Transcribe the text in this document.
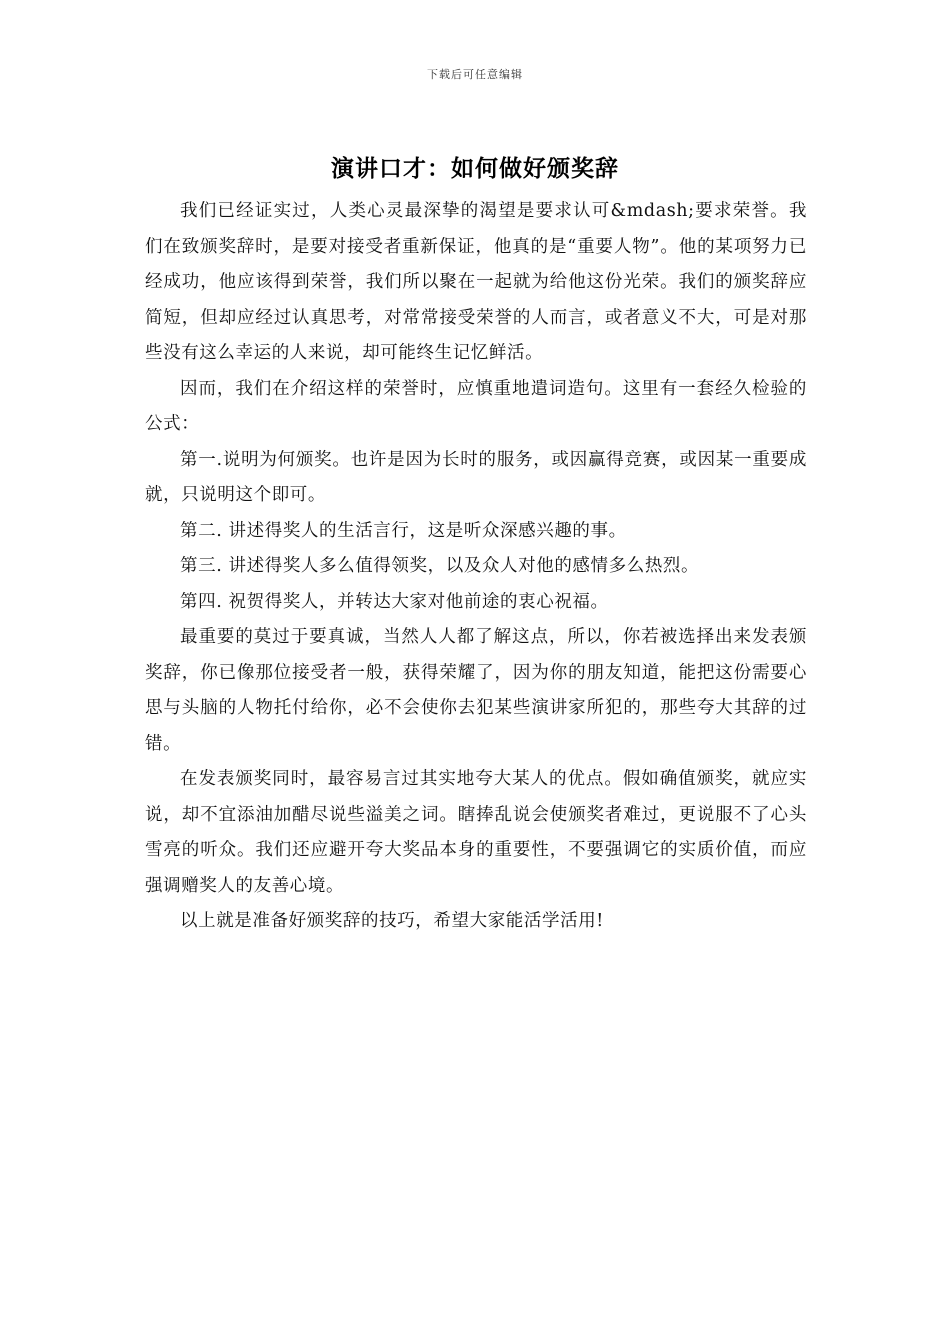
下载后可任意编辑
演讲口才：如何做好颁奖辞

我们已经证实过，人类心灵最深挚的渴望是要求认可&mdash;要求荣誉。我们在致颁奖辞时，是要对接受者重新保证，他真的是“重要人物”。他的某项努力已经成功，他应该得到荣誉，我们所以聚在一起就为给他这份光荣。我们的颁奖辞应简短，但却应经过认真思考，对常常接受荣誉的人而言，或者意义不大，可是对那些没有这么幸运的人来说，却可能终生记忆鲜活。

因而，我们在介绍这样的荣誉时，应慎重地遣词造句。这里有一套经久检验的公式：

第一.说明为何颁奖。也许是因为长时的服务，或因赢得竞赛，或因某一重要成就，只说明这个即可。

第二. 讲述得奖人的生活言行，这是听众深感兴趣的事。

第三. 讲述得奖人多么值得领奖，以及众人对他的感情多么热烈。

第四. 祝贺得奖人，并转达大家对他前途的衷心祝福。

最重要的莫过于要真诚，当然人人都了解这点，所以，你若被选择出来发表颁奖辞，你已像那位接受者一般，获得荣耀了，因为你的朋友知道，能把这份需要心思与头脑的人物托付给你，必不会使你去犯某些演讲家所犯的，那些夸大其辞的过错。

在发表颁奖同时，最容易言过其实地夸大某人的优点。假如确值颁奖，就应实说，却不宜添油加醋尽说些溢美之词。瞎捧乱说会使颁奖者难过，更说服不了心头雪亮的听众。我们还应避开夸大奖品本身的重要性，不要强调它的实质价值，而应强调赠奖人的友善心境。

以上就是准备好颁奖辞的技巧，希望大家能活学活用!
